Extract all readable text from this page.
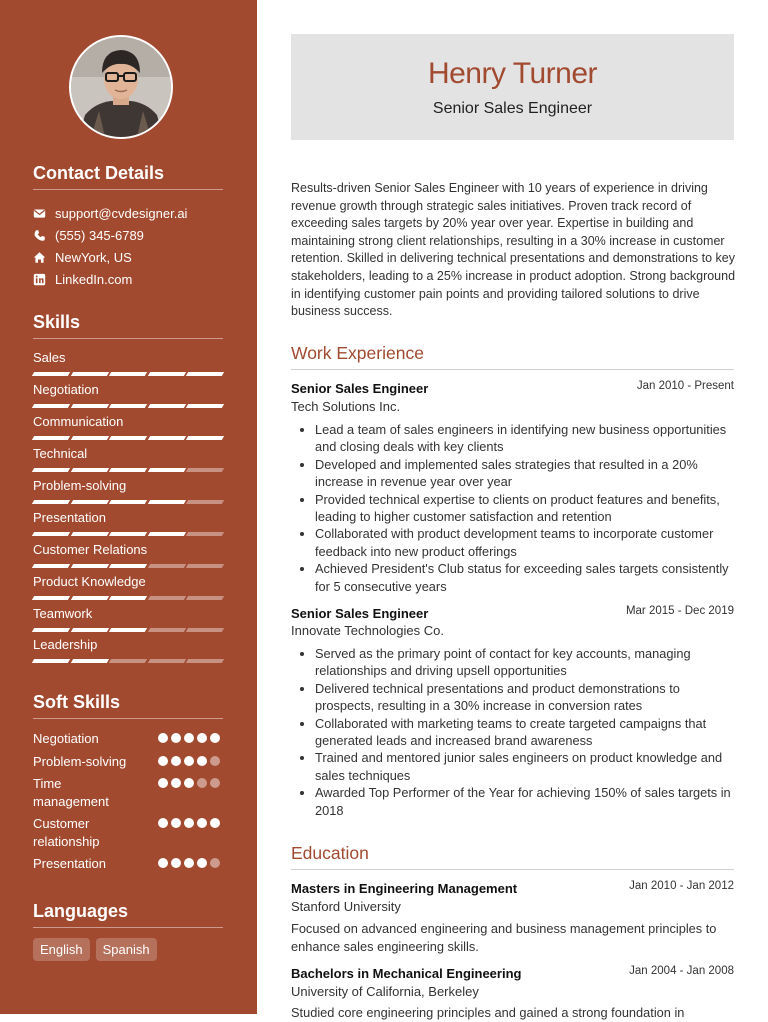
Contact Details
support@cvdesigner.ai
(555) 345-6789
NewYork, US
LinkedIn.com
Skills
Sales
Negotiation
Communication
Technical
Problem-solving
Presentation
Customer Relations
Product Knowledge
Teamwork
Leadership
Soft Skills
Negotiation
Problem-solving
Time management
Customer relationship
Presentation
Languages
English	Spanish
Henry Turner
Senior Sales Engineer
Results-driven Senior Sales Engineer with 10 years of experience in driving revenue growth through strategic sales initiatives. Proven track record of exceeding sales targets by 20% year over year. Expertise in building and maintaining strong client relationships, resulting in a 30% increase in customer retention. Skilled in delivering technical presentations and demonstrations to key stakeholders, leading to a 25% increase in product adoption. Strong background in identifying customer pain points and providing tailored solutions to drive business success.
Work Experience
Senior Sales Engineer	Jan 2010 - Present
Tech Solutions Inc.
• Lead a team of sales engineers in identifying new business opportunities and closing deals with key clients
• Developed and implemented sales strategies that resulted in a 20% increase in revenue year over year
• Provided technical expertise to clients on product features and benefits, leading to higher customer satisfaction and retention
• Collaborated with product development teams to incorporate customer feedback into new product offerings
• Achieved President's Club status for exceeding sales targets consistently for 5 consecutive years
Senior Sales Engineer	Mar 2015 - Dec 2019
Innovate Technologies Co.
• Served as the primary point of contact for key accounts, managing relationships and driving upsell opportunities
• Delivered technical presentations and product demonstrations to prospects, resulting in a 30% increase in conversion rates
• Collaborated with marketing teams to create targeted campaigns that generated leads and increased brand awareness
• Trained and mentored junior sales engineers on product knowledge and sales techniques
• Awarded Top Performer of the Year for achieving 150% of sales targets in 2018
Education
Masters in Engineering Management	Jan 2010 - Jan 2012
Stanford University
Focused on advanced engineering and business management principles to enhance sales engineering skills.
Bachelors in Mechanical Engineering	Jan 2004 - Jan 2008
University of California, Berkeley
Studied core engineering principles and gained a strong foundation in
